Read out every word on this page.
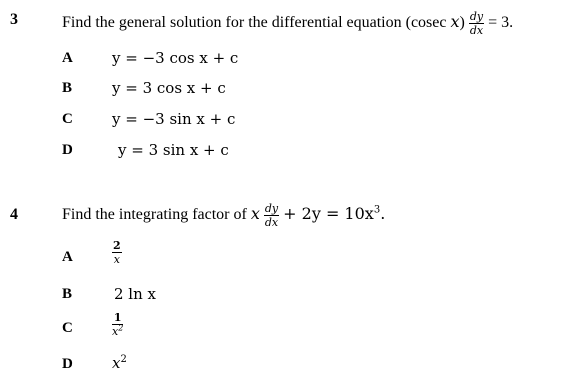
3	Find the general solution for the differential equation (cosec $x) \frac{dy}{dx} = 3$.
A	y = −3 cos x + c
B	y = 3 cos x + c
C	y = −3 sin x + c
D	y = 3 sin x + c
4	Find the integrating factor of x $\frac{dy}{dx} + 2y = 10x^3$.
A	$\frac{2}{x}$
B	2 ln x
C	$\frac{1}{x^2}$
D	$x^2$
